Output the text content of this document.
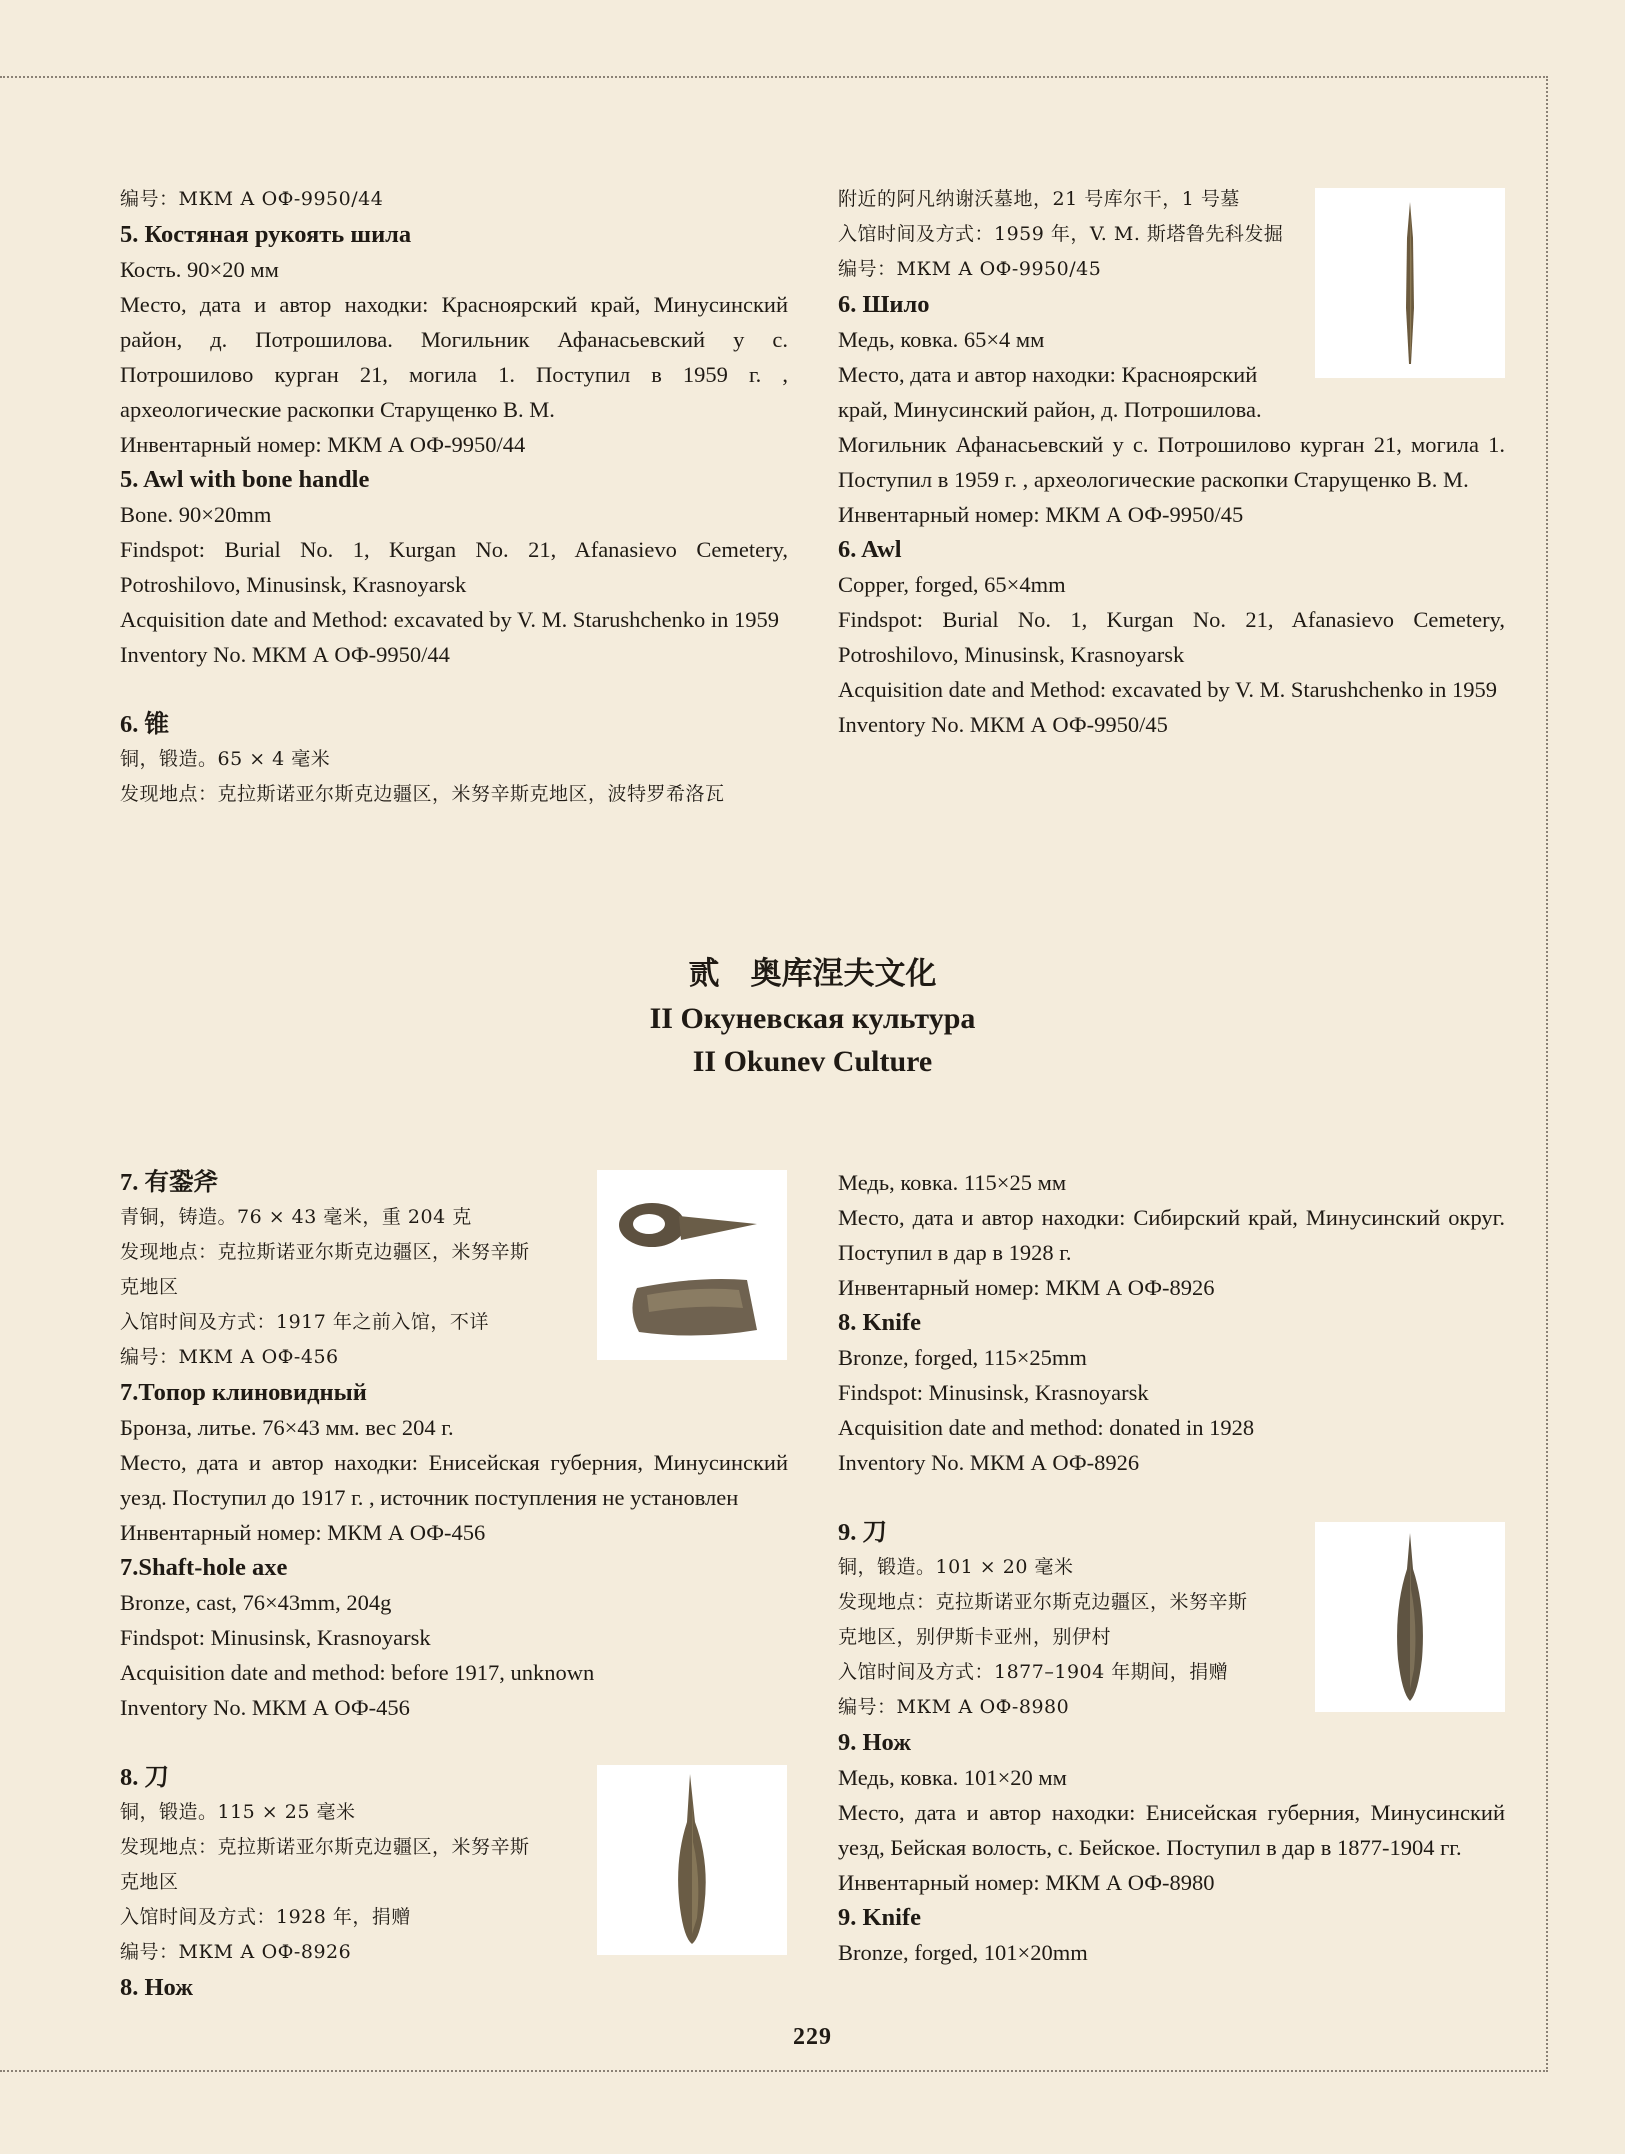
编号：МКМ А ОФ-9950/44
5. Костяная рукоять шила
Кость. 90×20 мм
Место, дата и автор находки: Красноярский край, Минусинский район, д. Потрошилова. Могильник Афанасьевский у с. Потрошилово курган 21, могила 1. Поступил в 1959 г. , археологические раскопки Старущенко В. М.
Инвентарный номер: МКМ А ОФ-9950/44
5. Awl with bone handle
Bone. 90×20mm
Findspot: Burial No. 1, Kurgan No. 21, Afanasievo Cemetery, Potroshilovo, Minusinsk, Krasnoyarsk
Acquisition date and Method: excavated by V. M. Starushchenko in 1959
Inventory No. МКМ А ОФ-9950/44
6. 锥
铜，锻造。65 × 4 毫米
发现地点：克拉斯诺亚尔斯克边疆区，米努辛斯克地区，波特罗希洛瓦
附近的阿凡纳谢沃墓地，21 号库尔干，1 号墓
入馆时间及方式：1959 年，V. M. 斯塔鲁先科发掘
编号：МКМ А ОФ-9950/45
6. Шило
Медь, ковка. 65×4 мм
Место, дата и автор находки: Красноярский
край, Минусинский район, д. Потрошилова.
Могильник Афанасьевский у с. Потрошилово курган 21, могила 1. Поступил в 1959 г. , археологические раскопки Старущенко В. М.
Инвентарный номер: МКМ А ОФ-9950/45
6. Awl
Copper, forged, 65×4mm
Findspot: Burial No. 1, Kurgan No. 21, Afanasievo Cemetery, Potroshilovo, Minusinsk, Krasnoyarsk
Acquisition date and Method: excavated by V. M. Starushchenko in 1959
Inventory No. МКМ А ОФ-9950/45
贰　奥库涅夫文化
II Окуневская культура
II Okunev Culture
7. 有銎斧
青铜，铸造。76 × 43 毫米，重 204 克
发现地点：克拉斯诺亚尔斯克边疆区，米努辛斯
克地区
入馆时间及方式：1917 年之前入馆，不详
编号：МКМ А ОФ-456
7.Топор клиновидный
Бронза, литье. 76×43 мм. вес 204 г.
Место, дата и автор находки: Енисейская губерния, Минусинский уезд. Поступил до 1917 г. , источник поступления не установлен
Инвентарный номер: МКМ А ОФ-456
7.Shaft-hole axe
Bronze, cast, 76×43mm, 204g
Findspot: Minusinsk, Krasnoyarsk
Acquisition date and method: before 1917, unknown
Inventory No. МКМ А ОФ-456
8. 刀
铜，锻造。115 × 25 毫米
发现地点：克拉斯诺亚尔斯克边疆区，米努辛斯
克地区
入馆时间及方式：1928 年，捐赠
编号：МКМ А ОФ-8926
8. Нож
Медь, ковка. 115×25 мм
Место, дата и автор находки: Сибирский край, Минусинский округ. Поступил в дар в 1928 г.
Инвентарный номер: МКМ А ОФ-8926
8. Knife
Bronze, forged, 115×25mm
Findspot: Minusinsk, Krasnoyarsk
Acquisition date and method: donated in 1928
Inventory No. МКМ А ОФ-8926
9. 刀
铜，锻造。101 × 20 毫米
发现地点：克拉斯诺亚尔斯克边疆区，米努辛斯
克地区，别伊斯卡亚州，别伊村
入馆时间及方式：1877–1904 年期间，捐赠
编号：МКМ А ОФ-8980
9. Нож
Медь, ковка. 101×20 мм
Место, дата и автор находки: Енисейская губерния, Минусинский уезд, Бейская волость, с. Бейское. Поступил в дар в 1877-1904 гг.
Инвентарный номер: МКМ А ОФ-8980
9. Knife
Bronze, forged, 101×20mm
229
